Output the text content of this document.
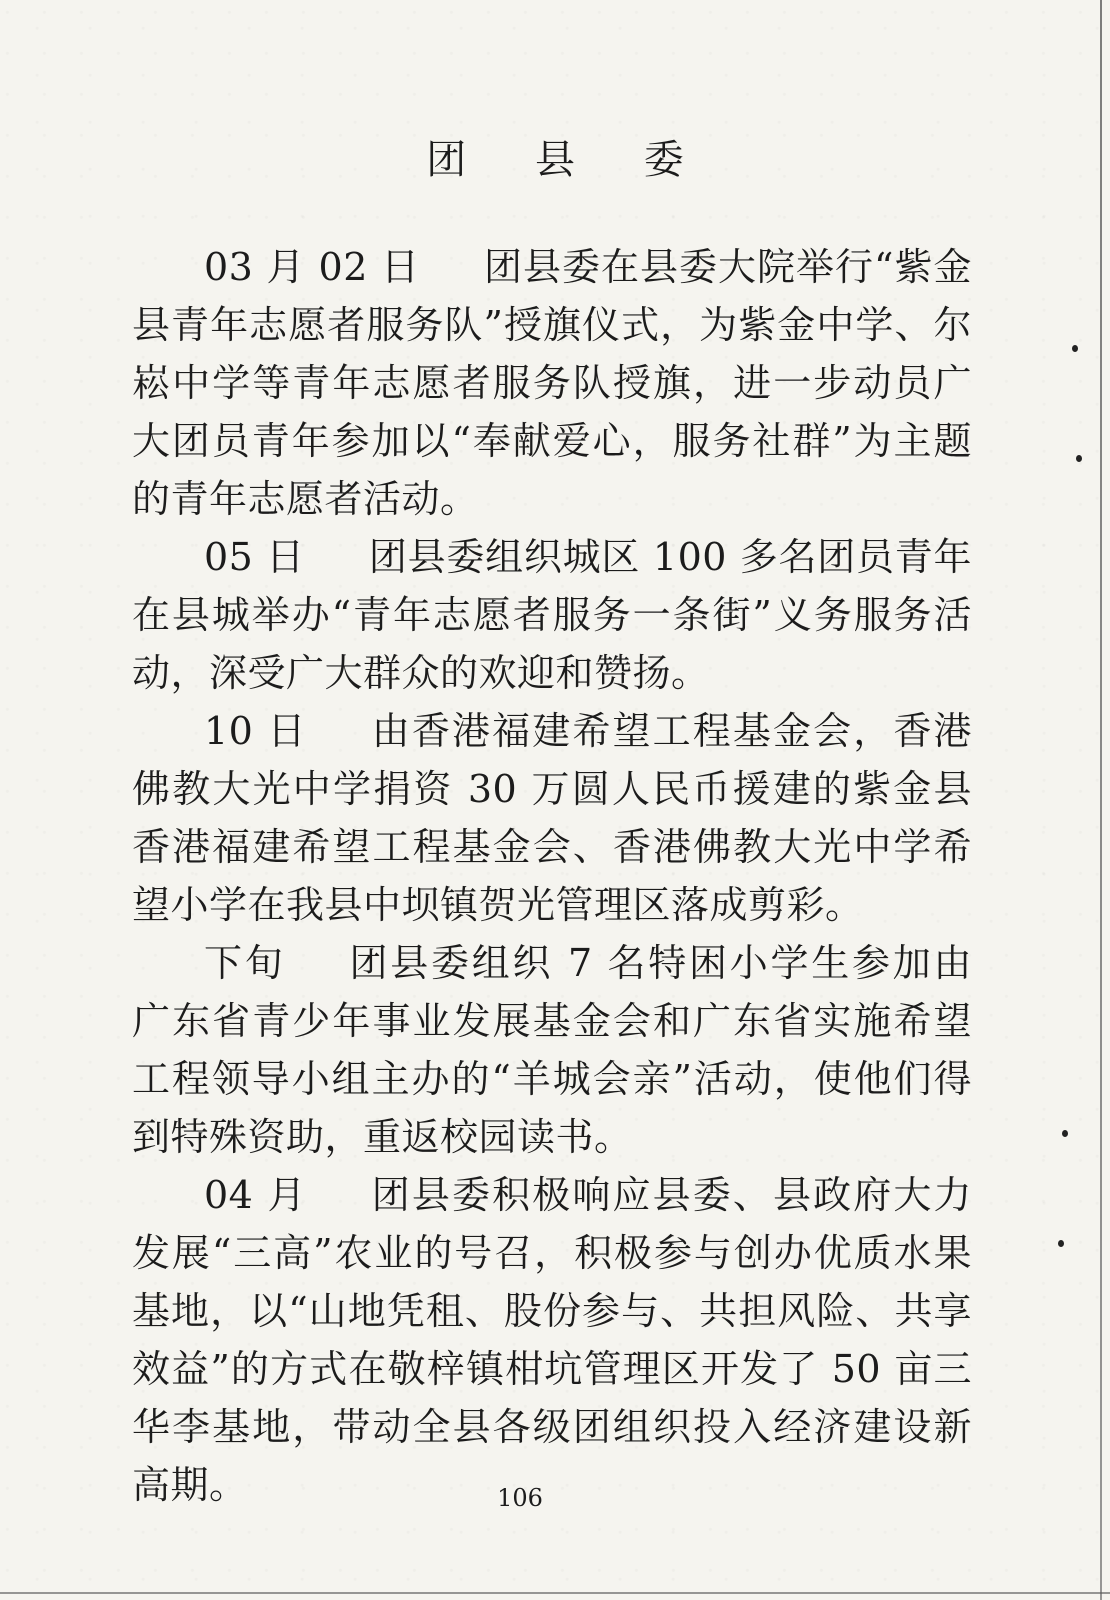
团 县 委

03 月 02 日 团县委在县委大院举行“紫金县青年志愿者服务队”授旗仪式，为紫金中学、尔崧中学等青年志愿者服务队授旗，进一步动员广大团员青年参加以“奉献爱心，服务社群”为主题的青年志愿者活动。

05 日 团县委组织城区 100 多名团员青年在县城举办“青年志愿者服务一条街”义务服务活动，深受广大群众的欢迎和赞扬。

10 日 由香港福建希望工程基金会，香港佛教大光中学捐资 30 万圆人民币援建的紫金县香港福建希望工程基金会、香港佛教大光中学希望小学在我县中坝镇贺光管理区落成剪彩。

下旬 团县委组织 7 名特困小学生参加由广东省青少年事业发展基金会和广东省实施希望工程领导小组主办的“羊城会亲”活动，使他们得到特殊资助，重返校园读书。

04 月 团县委积极响应县委、县政府大力发展“三高”农业的号召，积极参与创办优质水果基地，以“山地凭租、股份参与、共担风险、共享效益”的方式在敬梓镇柑坑管理区开发了 50 亩三华李基地，带动全县各级团组织投入经济建设新高期。	106
